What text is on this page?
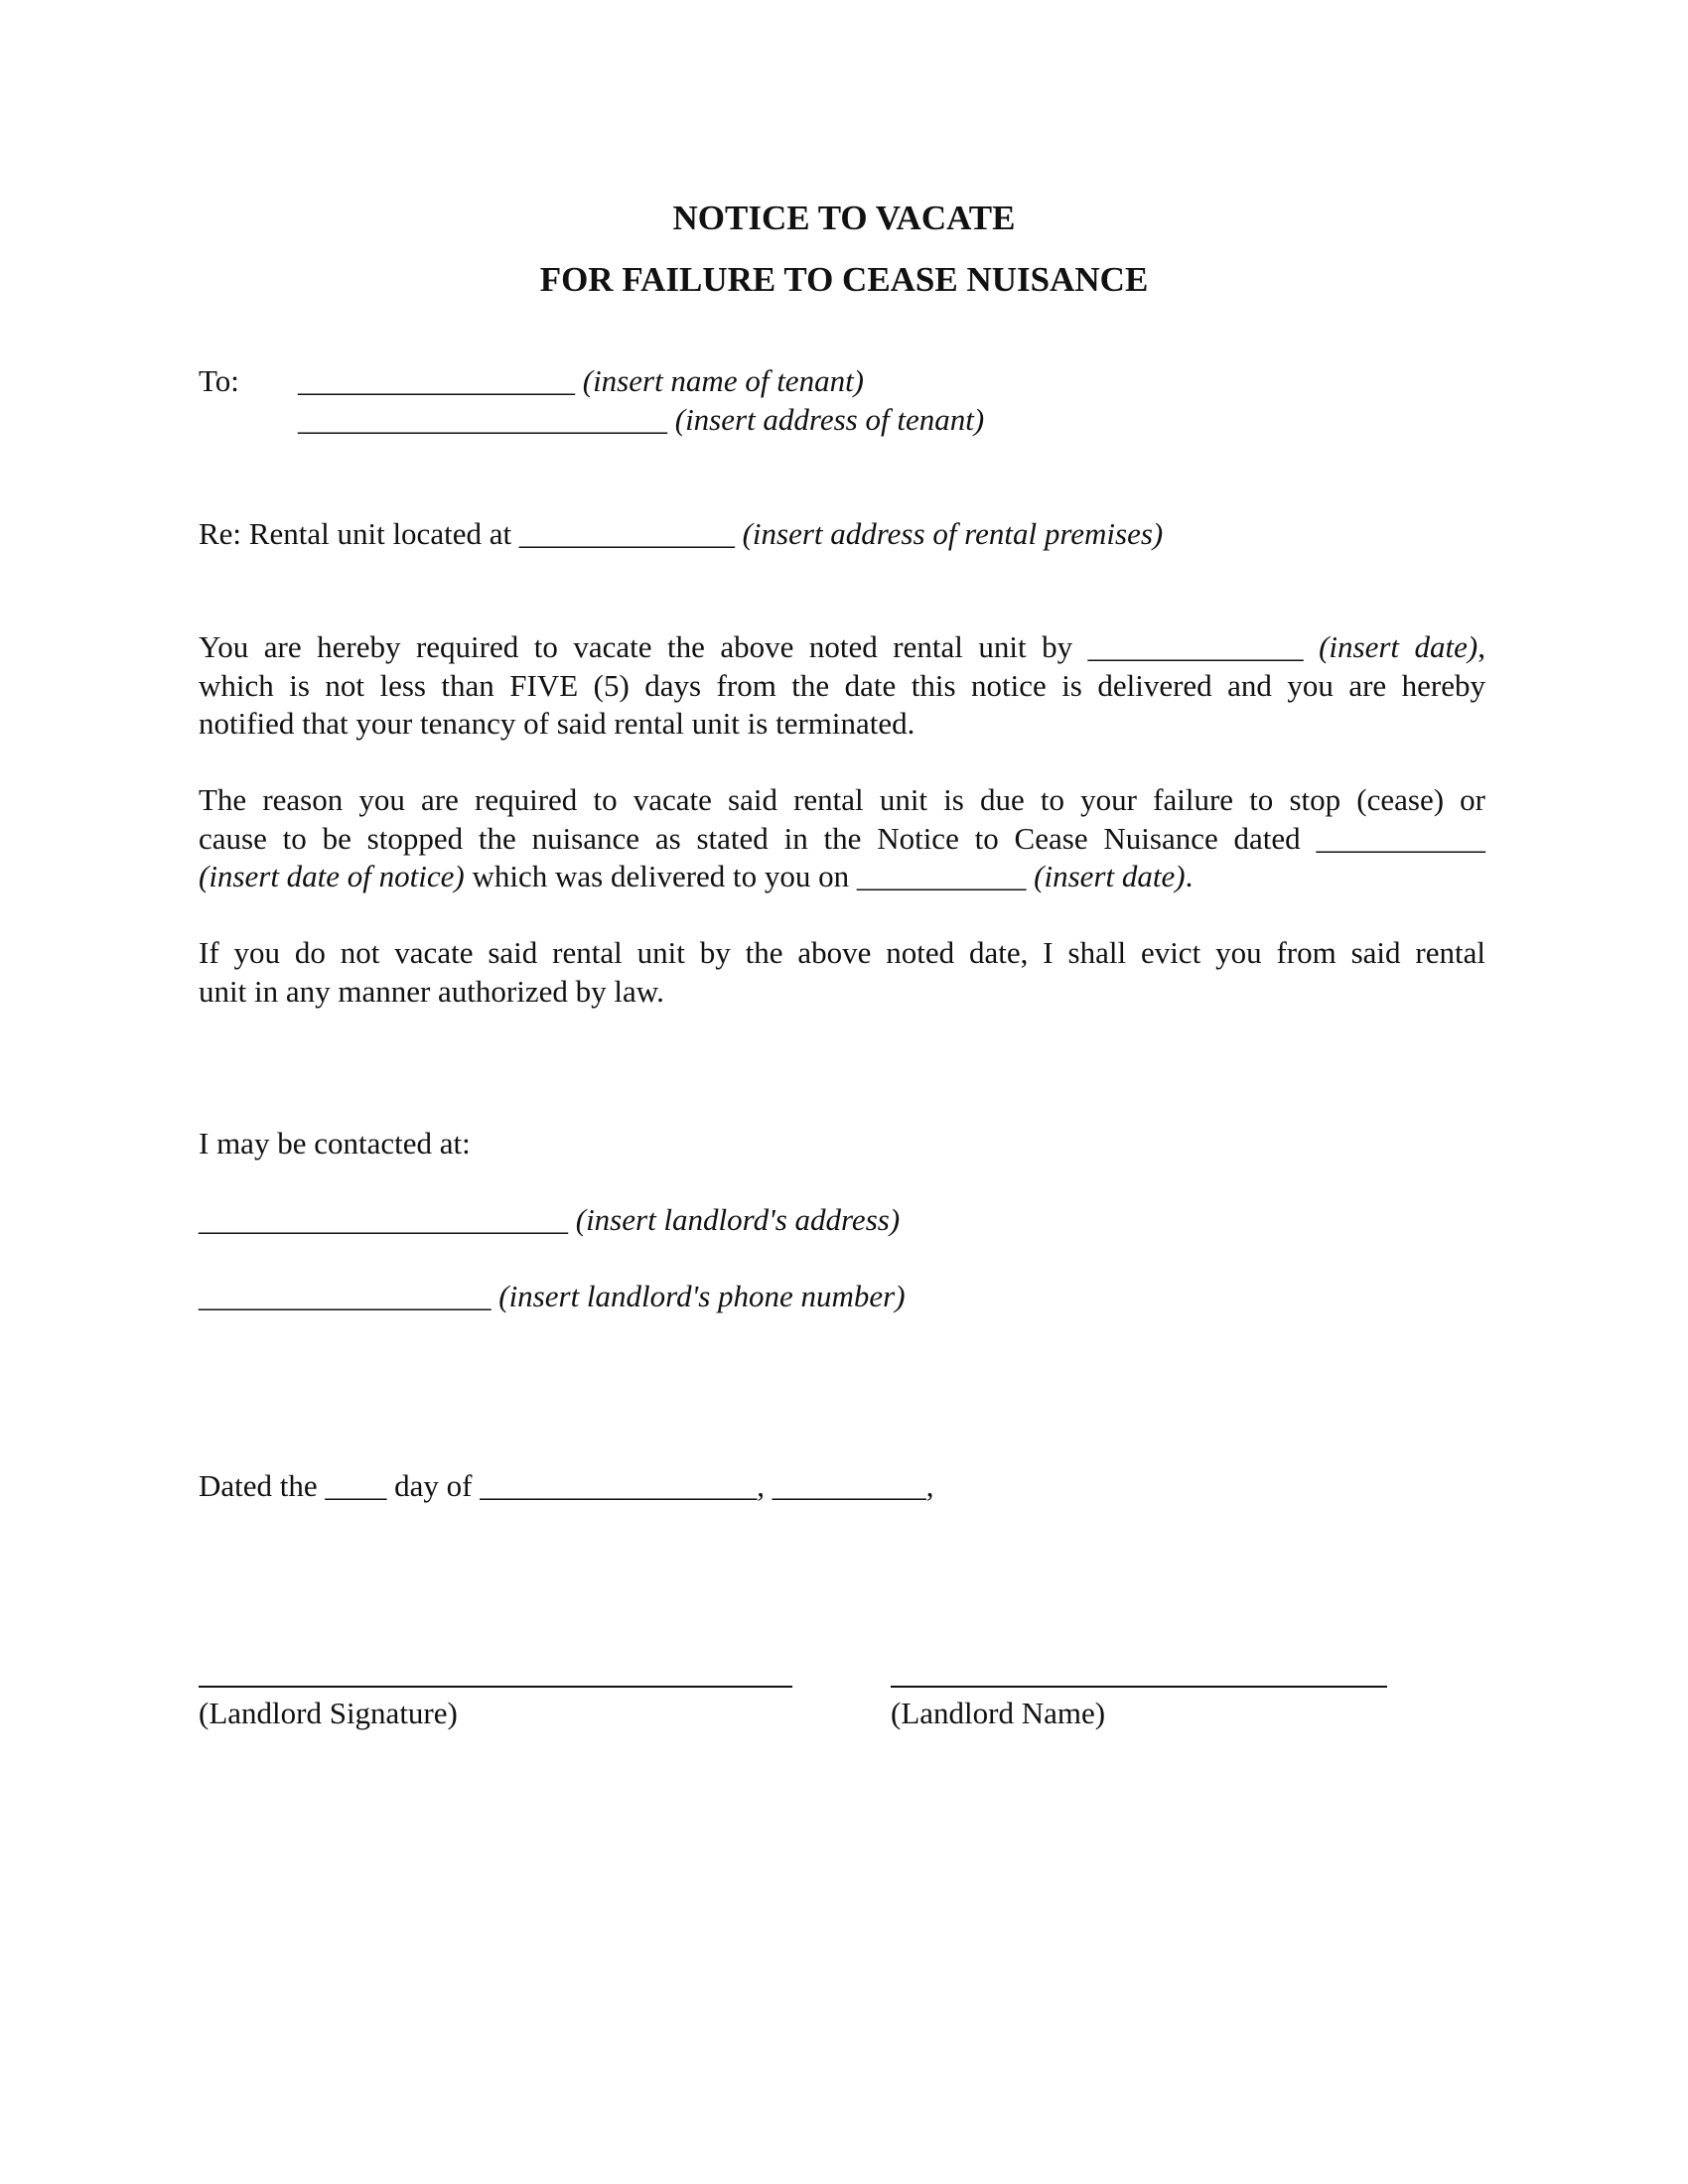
NOTICE TO VACATE
FOR FAILURE TO CEASE NUISANCE
To: __________________ (insert name of tenant)
________________________ (insert address of tenant)
Re: Rental unit located at ______________ (insert address of rental premises)
You are hereby required to vacate the above noted rental unit by ______________ (insert date),
which is not less than FIVE (5) days from the date this notice is delivered and you are hereby
notified that your tenancy of said rental unit is terminated.
The reason you are required to vacate said rental unit is due to your failure to stop (cease) or
cause to be stopped the nuisance as stated in the Notice to Cease Nuisance dated ___________
(insert date of notice) which was delivered to you on ___________ (insert date).
If you do not vacate said rental unit by the above noted date, I shall evict you from said rental
unit in any manner authorized by law.
I may be contacted at:
________________________ (insert landlord's address)
___________________ (insert landlord's phone number)
Dated the ____ day of __________________, __________,
(Landlord Signature)	(Landlord Name)
